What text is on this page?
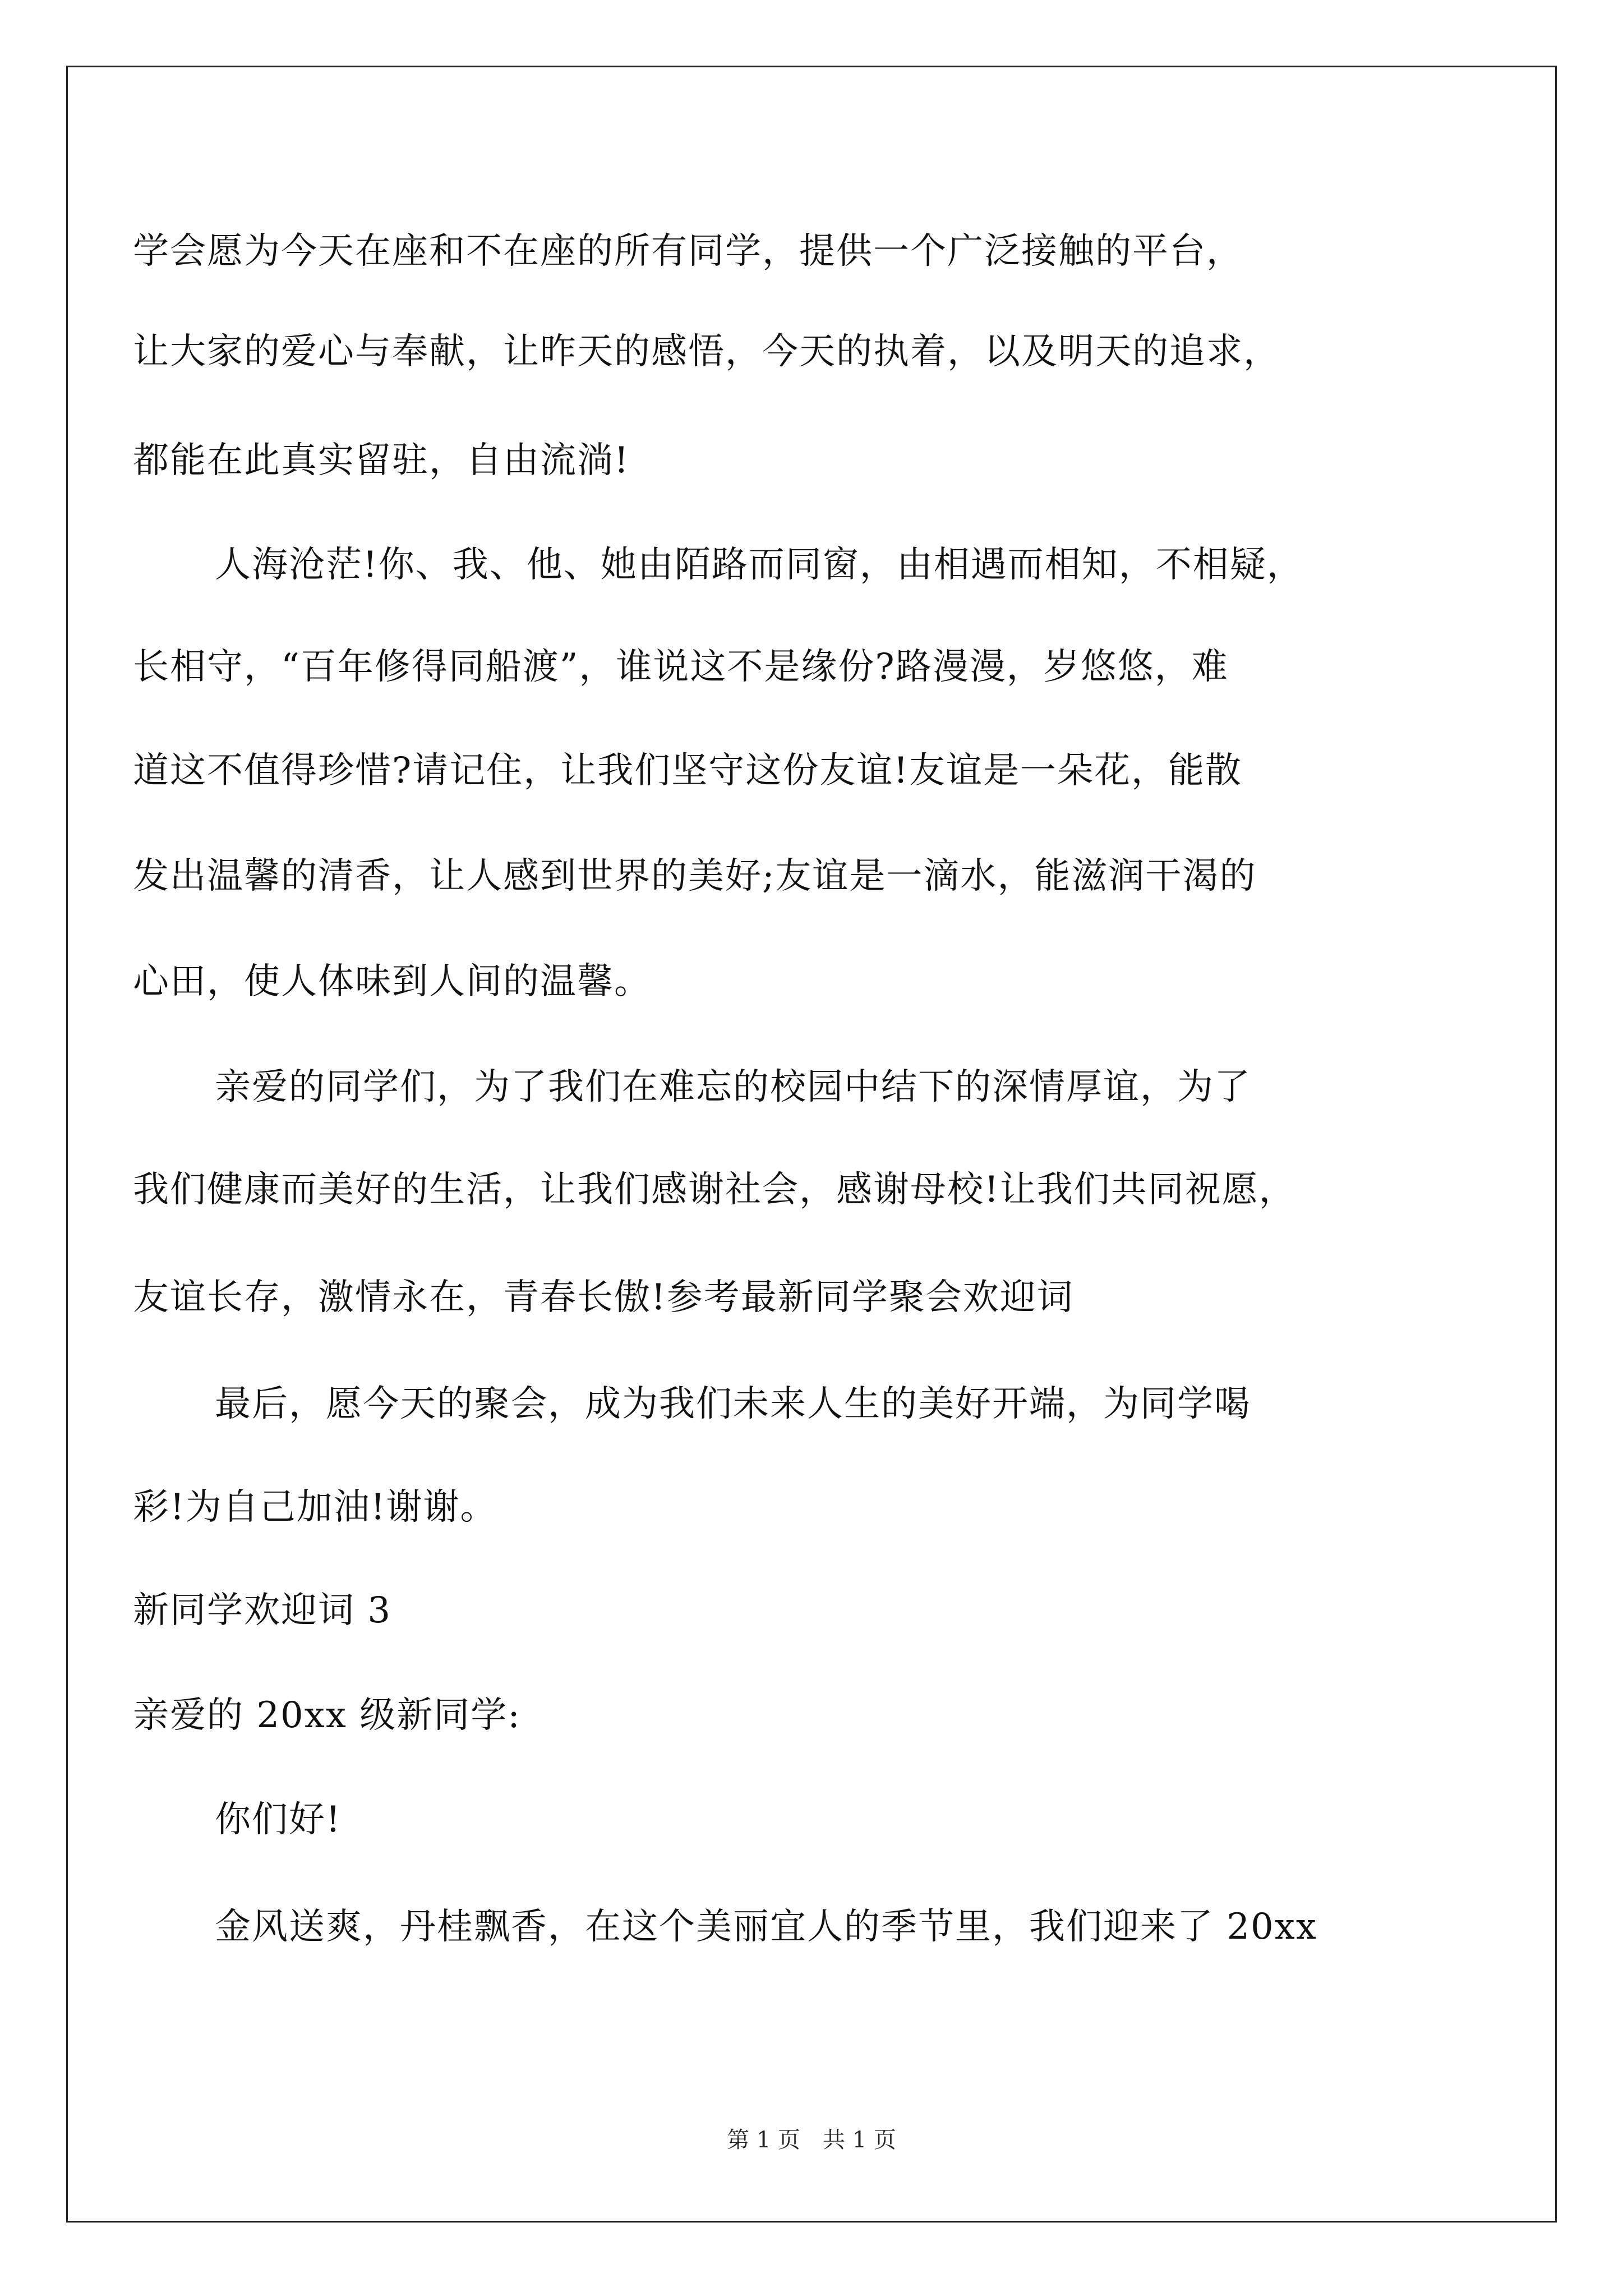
学会愿为今天在座和不在座的所有同学，提供一个广泛接触的平台，
让大家的爱心与奉献，让昨天的感悟，今天的执着，以及明天的追求，
都能在此真实留驻，自由流淌!
人海沧茫!你、我、他、她由陌路而同窗，由相遇而相知，不相疑，
长相守，“百年修得同船渡”，谁说这不是缘份?路漫漫，岁悠悠，难
道这不值得珍惜?请记住，让我们坚守这份友谊!友谊是一朵花，能散
发出温馨的清香，让人感到世界的美好;友谊是一滴水，能滋润干渴的
心田，使人体味到人间的温馨。
亲爱的同学们，为了我们在难忘的校园中结下的深情厚谊，为了
我们健康而美好的生活，让我们感谢社会，感谢母校!让我们共同祝愿，
友谊长存，激情永在，青春长傲!参考最新同学聚会欢迎词
最后，愿今天的聚会，成为我们未来人生的美好开端，为同学喝
彩!为自己加油!谢谢。
新同学欢迎词 3
亲爱的 20xx 级新同学:
你们好!
金风送爽，丹桂飘香，在这个美丽宜人的季节里，我们迎来了 20xx
第 1 页　共 1 页
